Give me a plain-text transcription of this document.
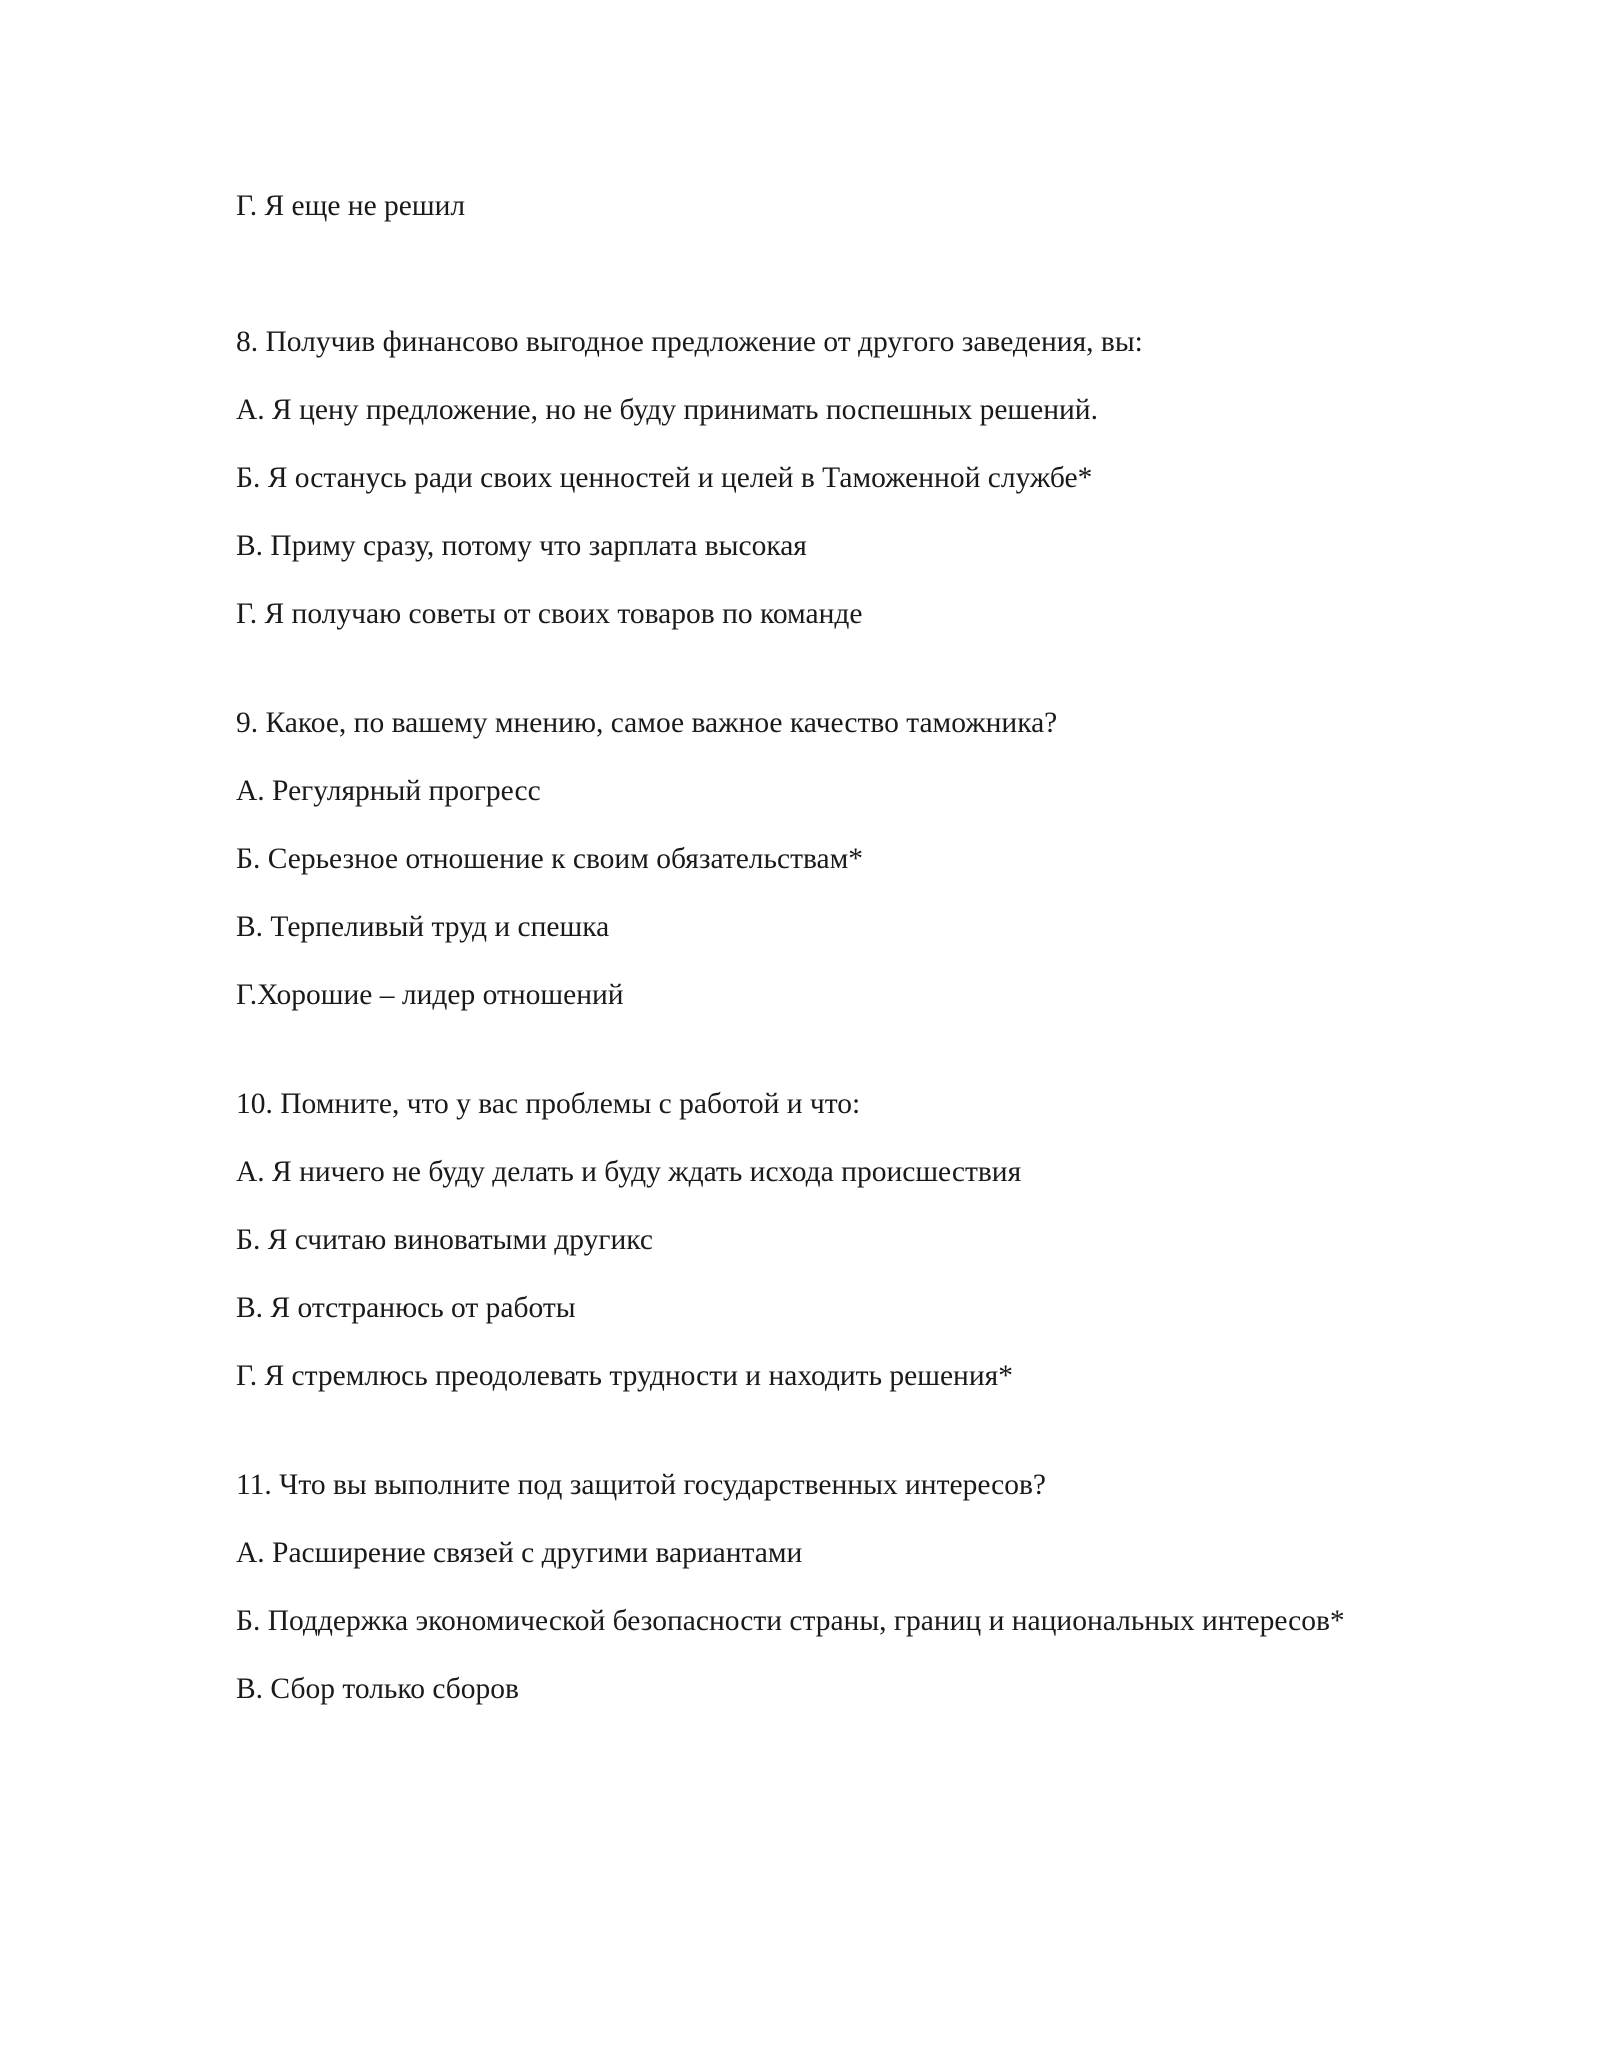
Г. Я еще не решил

8. Получив финансово выгодное предложение от другого заведения, вы:

А. Я цену предложение, но не буду принимать поспешных решений.

Б. Я останусь ради своих ценностей и целей в Таможенной службе*

В. Приму сразу, потому что зарплата высокая

Г. Я получаю советы от своих товаров по команде

9. Какое, по вашему мнению, самое важное качество таможника?

А. Регулярный прогресс

Б. Серьезное отношение к своим обязательствам*

В. Терпеливый труд и спешка

Г.Хорошие – лидер отношений

10. Помните, что у вас проблемы с работой и что:

А. Я ничего не буду делать и буду ждать исхода происшествия

Б. Я считаю виноватыми другикс

В. Я отстранюсь от работы

Г. Я стремлюсь преодолевать трудности и находить решения*

11. Что вы выполните под защитой государственных интересов?

А. Расширение связей с другими вариантами

Б. Поддержка экономической безопасности страны, границ и национальных интересов*

В. Сбор только сборов
